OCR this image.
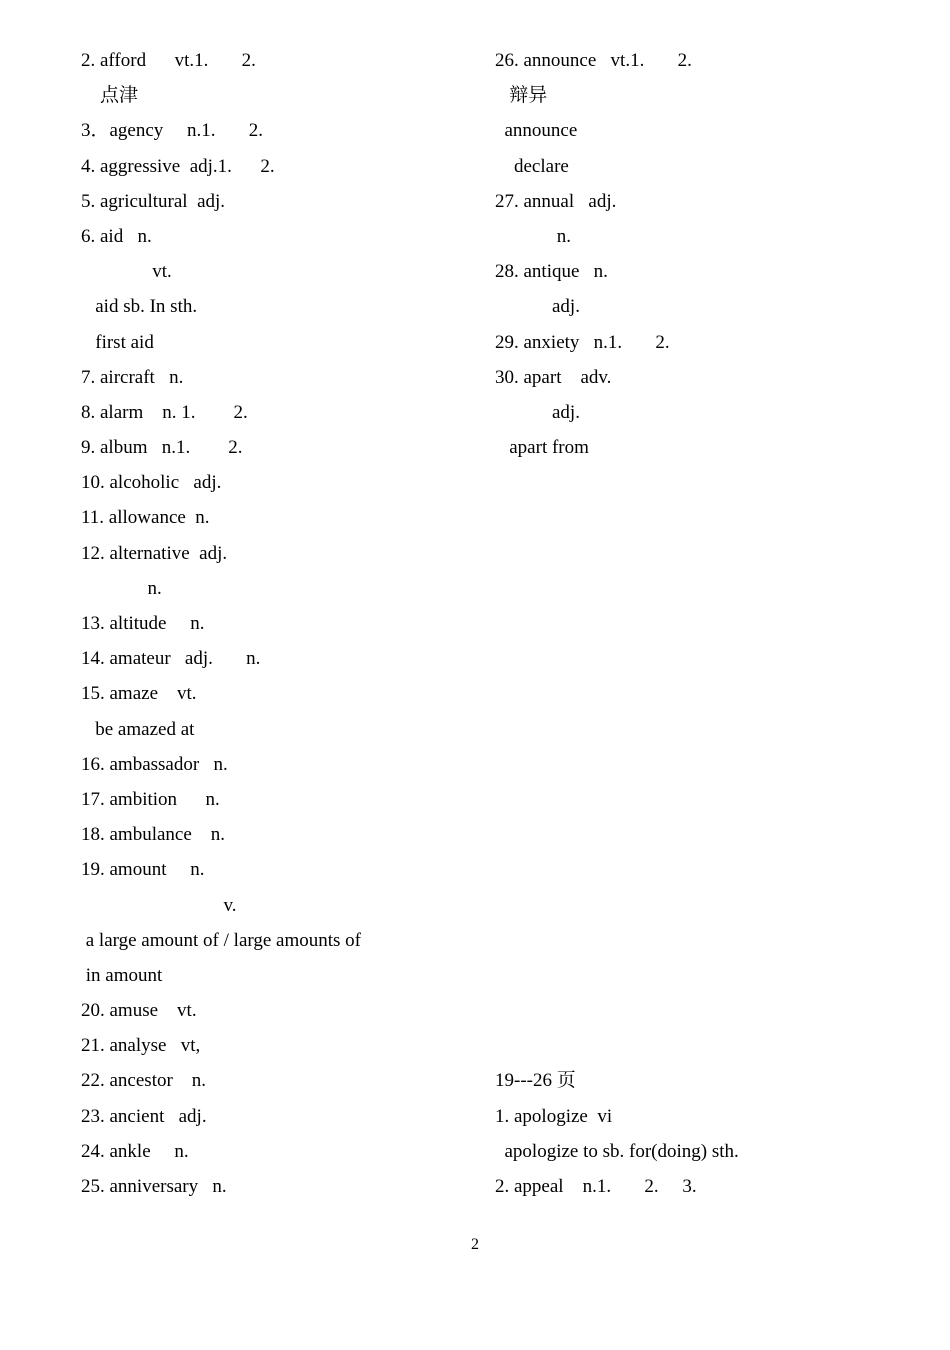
2. afford      vt.1.       2.
点津
3．agency     n.1.       2.
4. aggressive  adj.1.      2.
5. agricultural  adj.
6. aid   n.
vt.
aid sb. In sth.
first aid
7. aircraft   n.
8. alarm    n. 1.        2.
9. album   n.1.        2.
10. alcoholic   adj.
11. allowance  n.
12. alternative  adj.
n.
13. altitude     n.
14. amateur   adj.       n.
15. amaze    vt.
be amazed at
16. ambassador   n.
17. ambition      n.
18. ambulance    n.
19. amount     n.
v.
a large amount of / large amounts of
in amount
20. amuse    vt.
21. analyse   vt,
22. ancestor    n.
23. ancient   adj.
24. ankle     n.
25. anniversary   n.
26. announce   vt.1.       2.
辩异
announce
declare
27. annual   adj.
n.
28. antique   n.
adj.
29. anxiety   n.1.       2.
30. apart    adv.
adj.
apart from
19---26 页
1. apologize  vi
apologize to sb. for(doing) sth.
2. appeal    n.1.       2.     3.
2
